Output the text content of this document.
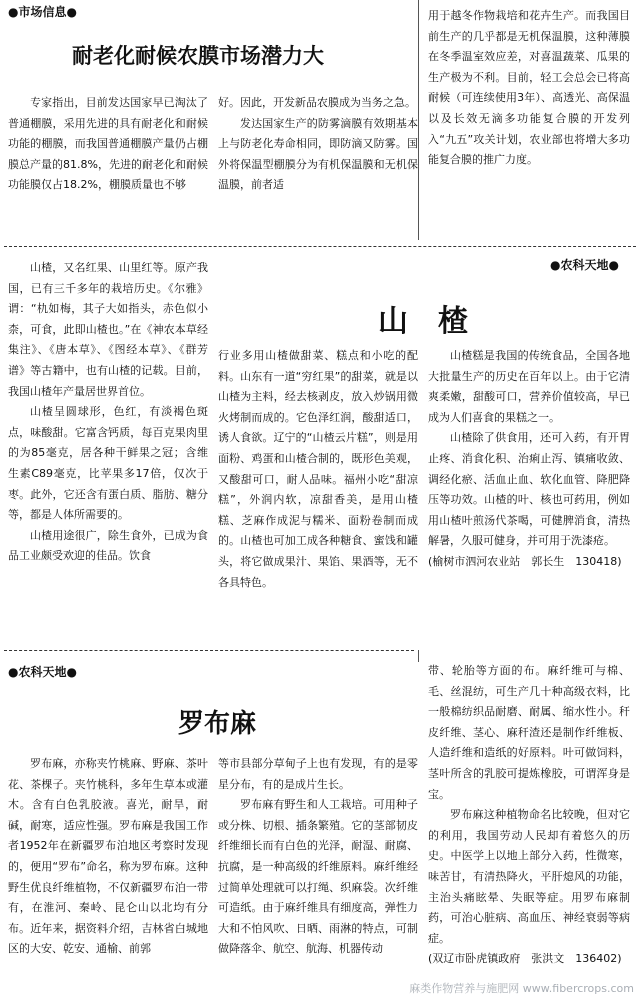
●市场信息●
耐老化耐候农膜市场潜力大

专家指出，目前发达国家早已淘汰了普通棚膜，采用先进的具有耐老化和耐候功能的棚膜，而我国普通棚膜产量仍占棚膜总产量的81.8%，先进的耐老化和耐候功能膜仅占18.2%，棚膜质量也不够

好。因此，开发新品农膜成为当务之急。

发达国家生产的防雾滴膜有效期基本上与防老化寿命相同，即防滴又防雾。国外将保温型棚膜分为有机保温膜和无机保温膜，前者适

用于越冬作物栽培和花卉生产。而我国目前生产的几乎都是无机保温膜，这种薄膜在冬季温室效应差，对喜温蔬菜、瓜果的生产极为不利。目前，轻工会总会已将高耐候（可连续使用3年）、高透光、高保温以及长效无滴多功能复合膜的开发列入“九五”攻关计划，农业部也将增大多功能复合膜的推广力度。

●农科天地●
山　楂

山楂，又名红果、山里红等。原产我国，已有三千多年的栽培历史。《尔雅》谓：“朹如梅，其子大如指头，赤色似小柰，可食，此即山楂也。”在《神农本草经集注》、《唐本草》、《图经本草》、《群芳谱》等古籍中，也有山楂的记载。目前，我国山楂年产量居世界首位。

山楂呈圆球形，色红，有淡褐色斑点，味酸甜。它富含钙质，每百克果肉里的为85毫克，居各种干鲜果之冠；含维生素C89毫克，比苹果多17倍，仅次于枣。此外，它还含有蛋白质、脂肪、糖分等，都是人体所需要的。

山楂用途很广，除生食外，已成为食品工业颇受欢迎的佳品。饮食

行业多用山楂做甜菜、糕点和小吃的配料。山东有一道“穷红果”的甜菜，就是以山楂为主料，经去核剥皮，放入炒锅用微火烤制而成的。它色泽红润，酸甜适口，诱人食欲。辽宁的“山楂云片糕”，则是用面粉、鸡蛋和山楂合制的，既形色美观，又酸甜可口，耐人品味。福州小吃“甜凉糕”，外润内软，凉甜香美，是用山楂糕、芝麻作成泥与糯米、面粉卷制而成的。山楂也可加工成各种糖食、蜜饯和罐头，将它做成果汁、果馅、果酒等，无不各具特色。

山楂糕是我国的传统食品，全国各地大批量生产的历史在百年以上。由于它清爽柔嫩，甜酸可口，营养价值较高，早已成为人们喜食的果糕之一。

山楂除了供食用，还可入药，有开胃止疼、消食化积、治痢止泻、镇痛收敛、调经化瘀、活血止血、软化血管、降肥降压等功效。山楂的叶、核也可药用，例如用山楂叶煎汤代茶喝，可健脾消食，清热解暑，久服可健身，并可用于洗漆疮。

(榆树市泗河农业站　郭长生　130418)

●农科天地●
罗布麻

罗布麻，亦称夹竹桃麻、野麻、茶叶花、茶棵子。夹竹桃科，多年生草本或灌木。含有白色乳胶液。喜光，耐旱，耐碱，耐寒，适应性强。罗布麻是我国工作者1952年在新疆罗布泊地区考察时发现的，便用“罗布”命名，称为罗布麻。这种野生优良纤维植物，不仅新疆罗布泊一带有，在淮河、秦岭、昆仑山以北均有分布。近年来，据资料介绍，吉林省白城地区的大安、乾安、通榆、前郭

等市县部分草甸子上也有发现，有的是零星分布，有的是成片生长。

罗布麻有野生和人工栽培。可用种子或分株、切根、插条繁殖。它的茎部韧皮纤维细长而有白色的光泽，耐湿、耐腐、抗腐，是一种高级的纤维原料。麻纤维经过简单处理就可以打绳、织麻袋。次纤维可造纸。由于麻纤维具有细度高，弹性力大和不怕风吹、日晒、雨淋的特点，可制做降落伞、航空、航海、机器传动

带、轮胎等方面的布。麻纤维可与棉、毛、丝混纺，可生产几十种高级衣料，比一般棉纺织品耐磨、耐属、缩水性小。秆皮纤维、茎心、麻秆渣还是制作纤维板、人造纤维和造纸的好原料。叶可做饲料，茎叶所含的乳胶可提炼橡胶，可谓浑身是宝。

罗布麻这种植物命名比较晚，但对它的利用，我国劳动人民却有着悠久的历史。中医学上以地上部分入药，性微寒，味苦甘，有清热降火，平肝熄风的功能，主治头痛眩晕、失眠等症。用罗布麻制药，可治心脏病、高血压、神经衰弱等病症。

(双辽市卧虎镇政府　张洪文　136402)

麻类作物营养与施肥网 www.fibercrops.com
